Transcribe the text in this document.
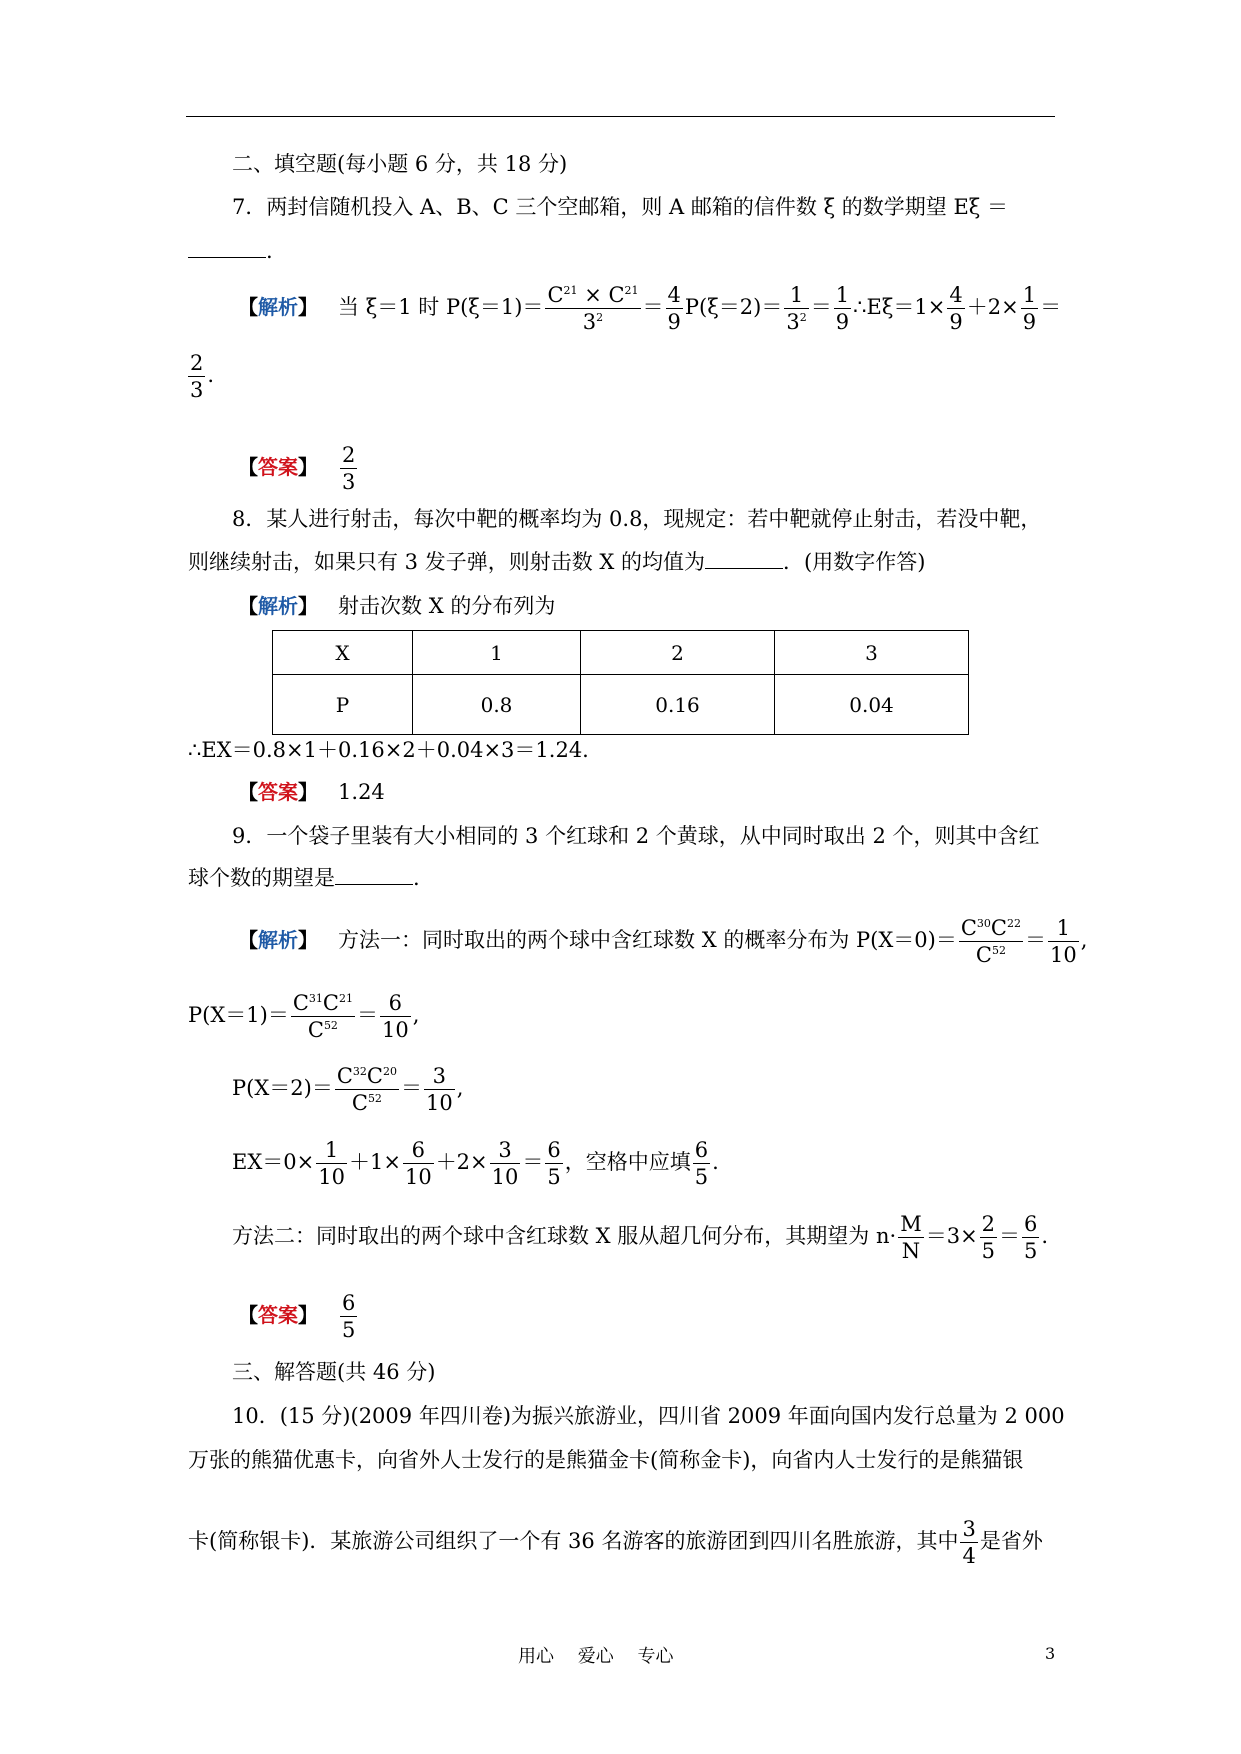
二、填空题(每小题 6 分，共 18 分)
7．两封信随机投入 A、B、C 三个空邮箱，则 A 邮箱的信件数 ξ 的数学期望 Eξ ＝
.
【解析】 当 ξ＝1 时 $P(\xi=1)= \frac{C^{21} \times C^{21}}{3^2} = \frac{4}{9} P(\xi=2)= \frac{1}{3^2} = \frac{1}{9}$ ∴Eξ＝1× $\frac{4}{9} +2\times \frac{1}{9}$ ＝
$\frac{2}{3}$ .
【答案】 $\frac{2}{3}$
8．某人进行射击，每次中靶的概率均为 0.8，现规定：若中靶就停止射击，若没中靶，
则继续射击，如果只有 3 发子弹，则射击数 X 的均值为	．(用数字作答)
【解析】 射击次数 X 的分布列为
X	1	2	3
P	0.8	0.16	0.04
∴EX＝0.8×1＋0.16×2＋0.04×3＝1.24.
【答案】 1.24
9．一个袋子里装有大小相同的 3 个红球和 2 个黄球，从中同时取出 2 个，则其中含红
球个数的期望是	.
【解析】 方法一：同时取出的两个球中含红球数 X 的概率分布为 $P(X=0)= \frac{C^{30}C^{22}}{C^{52}} = \frac{1}{10}$ ,
$P(X=1)= \frac{C^{31}C^{21}}{C^{52}} = \frac{6}{10}$ ,
$P(X=2)= \frac{C^{32}C^{20}}{C^{52}} = \frac{3}{10}$ ,
$EX=0\times \frac{1}{10} +1\times \frac{6}{10} +2\times \frac{3}{10} = \frac{6}{5}$ ，空格中应填 $\frac{6}{5}$ .
方法二：同时取出的两个球中含红球数 X 服从超几何分布，其期望为 $n\cdot \frac{M}{N} =3\times \frac{2}{5} = \frac{6}{5}$ .
【答案】 $\frac{6}{5}$
三、解答题(共 46 分)
10．(15 分)(2009 年四川卷)为振兴旅游业，四川省 2009 年面向国内发行总量为 2 000
万张的熊猫优惠卡，向省外人士发行的是熊猫金卡(简称金卡)，向省内人士发行的是熊猫银
卡(简称银卡)．某旅游公司组织了一个有 36 名游客的旅游团到四川名胜旅游，其中 $\frac{3}{4}$ 是省外
用心 爱心 专心	3
